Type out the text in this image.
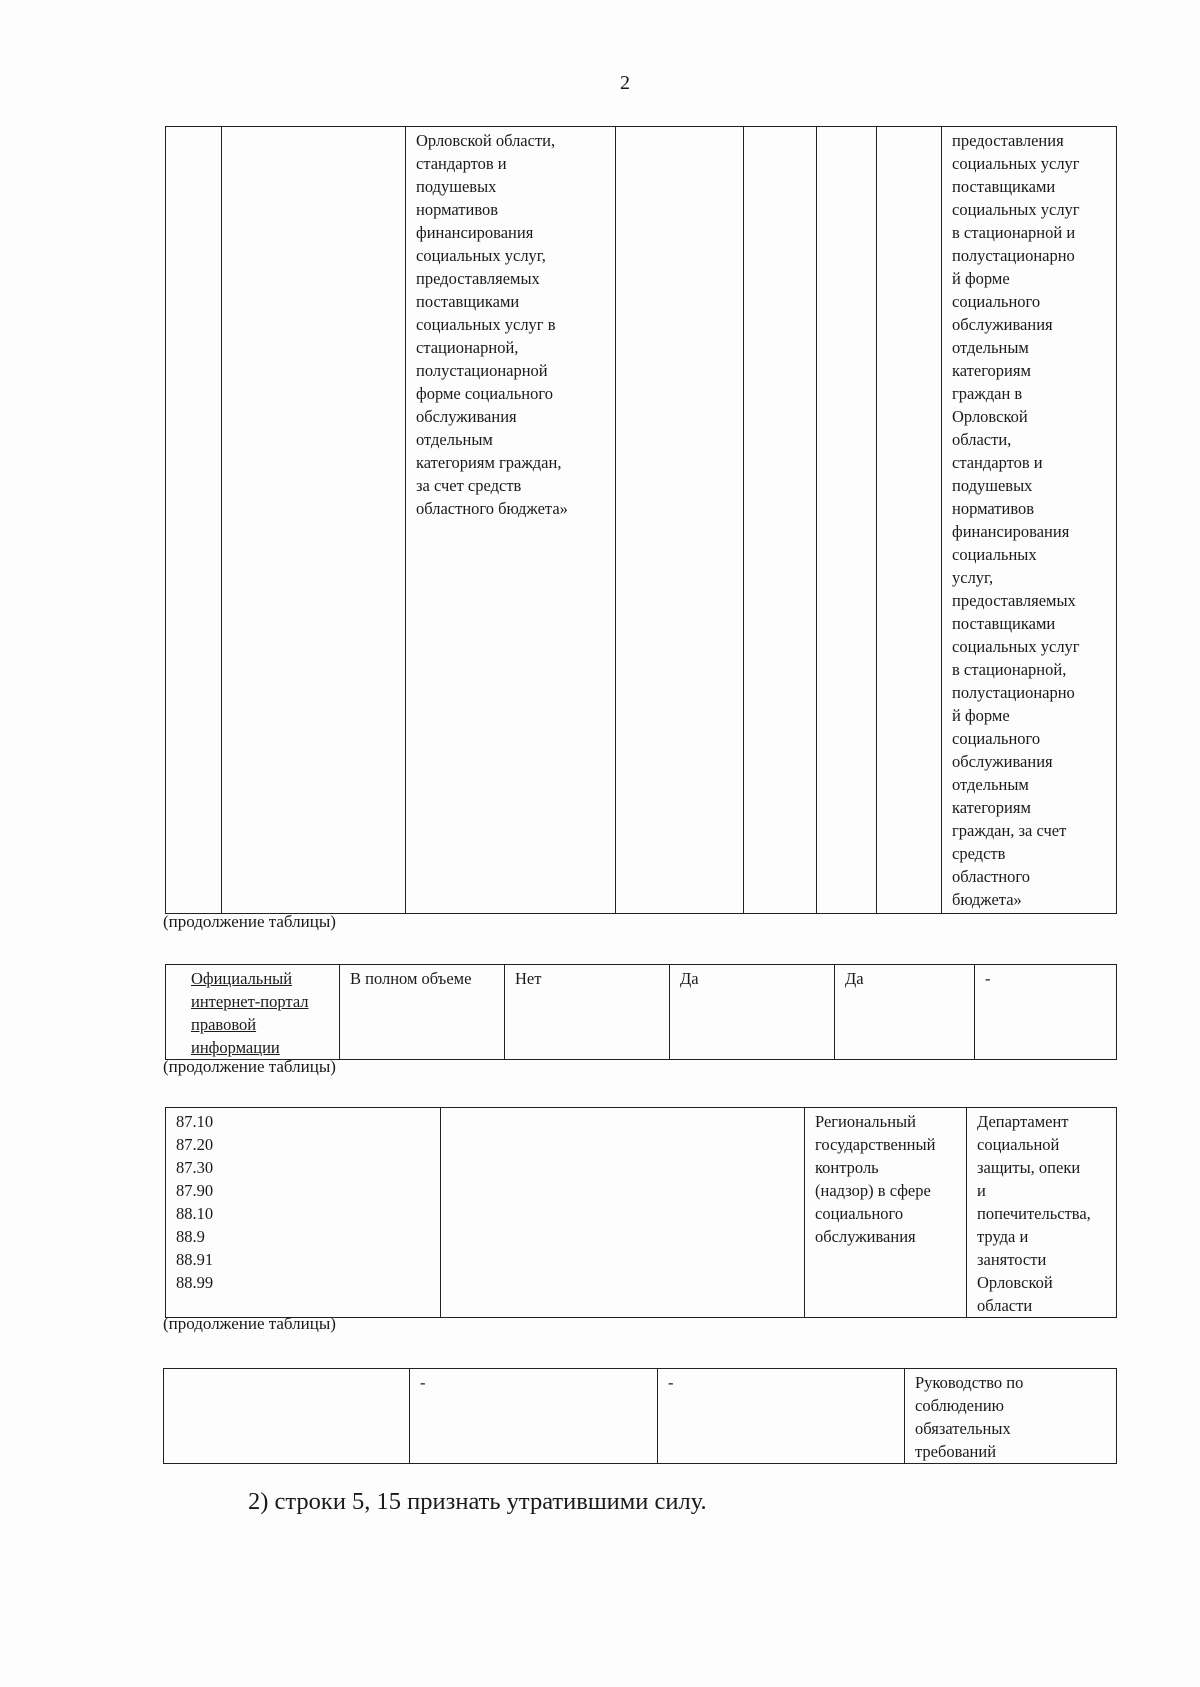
2
		Орловской области,
стандартов и
подушевых
нормативов
финансирования
социальных услуг,
предоставляемых
поставщиками
социальных услуг в
стационарной,
полустационарной
форме социального
обслуживания
отдельным
категориям граждан,
за счет средств
областного бюджета»					предоставления
социальных услуг
поставщиками
социальных услуг
в стационарной и
полустационарно
й форме
социального
обслуживания
отдельным
категориям
граждан в
Орловской
области,
стандартов и
подушевых
нормативов
финансирования
социальных
услуг,
предоставляемых
поставщиками
социальных услуг
в стационарной,
полустационарно
й форме
социального
обслуживания
отдельным
категориям
граждан, за счет
средств
областного
бюджета»
(продолжение таблицы)
Официальный
интернет-портал
правовой
информации	В полном объеме	Нет	Да	Да	-
(продолжение таблицы)
87.10
87.20
87.30
87.90
88.10
88.9
88.91
88.99		Региональный
государственный
контроль
(надзор) в сфере
социального
обслуживания	Департамент
социальной
защиты, опеки
и
попечительства,
труда и
занятости
Орловской
области
(продолжение таблицы)
	-	-	Руководство по
соблюдению
обязательных
требований
2) строки 5, 15 признать утратившими силу.
